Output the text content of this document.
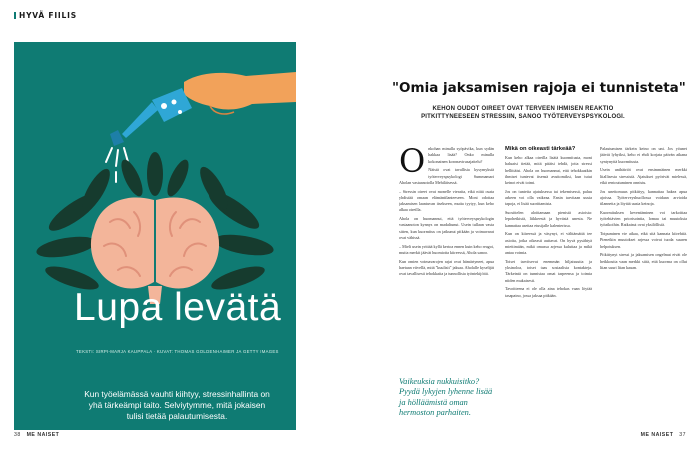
HYVÄ FIILIS
Lupa levätä
TEKSTI: SIRPI-MARJA KAUPPALA · KUVAT: THOMAS GOLDENHAIMER JA GETTY IMAGES
Kun työelämässä vauhti kiihtyy, stressinhallinta on yhä tärkeämpi taito. Selviytymme, mitä jokaisen tulisi tietää palautumisesta.
38 ME NAISET
"Omia jaksamisen rajoja ei tunnisteta"
KEHON OUDOT OIREET OVAT TERVEEN IHMISEN REAKTIO PITKITTYNEESEEN STRESSIIN, SANOO TYÖTERVEYSPSYKOLOGI.
O nkohan minulla syöpävika, kun sydän hakkaa lisää? Onko minulla kokonainen koronavirusajattelu?

Näistä ovat tavallisia kysymyksiä työterveyspsykologi Summamari Aholan vastaanotolla Mehiläisessä.

– Stressin oireet ovat monelle vieraita, eikä niitä osata yhdistää omaan elämäntilanteeseen. Moni odottaa jaksamisen laantuvan itsekseen, mutta tyytyy, kun keho alkaa oireilla.

Ahola on huomannut, että työterveyspsykologin vastaanoton kynnys on madaltunut. Usein tullaan vasta sitten, kun kuormitus on jatkunut pitkään ja voimavarat ovat vähissä.

– Mieli usein yrittää kyllä kertoa ennen kuin keho reagoi, mutta merkit jäävät huomiotta kiireessä, Ahola sanoo.

Kun omien voimavarojen rajat ovat hämärtyneet, apua haetaan viivellä, mitä "kuulisit" jaksaa. Aholalle kyselijät ovat tavallisesti tehokkaita ja tunnollisia työntekijöitä.

Vaikeuksia nukkuisitko? Pyydä lykyjen lyhenne lisää ja hölläämistä oman hermoston parhaiten.
Mikä on oikeasti tärkeää?

Kun keho alkaa oireilla lisätä kuormitusta, moni haluaisi tietää, mitä pitäisi tehdä, jotta stressi hellittäisi. Ahola on huomannut, että tehokkaatkin ihmiset tuntevat itsensä avuttomiksi, kun tutut keinot eivät toimi.

Jos on tunteita ajatuksessa tai tekemisessä, paluu arkeen voi olla vaikeaa. Ensin tarvitaan uusia tapoja, ei lisää suorittamista.

Suosittelen aloittamaan pienistä asioista: lepohetkistä, liikkeestä ja hyvästä unesta. Ne kannattaa asettaa etusijalle kalenterissa.

Kun on kiireessä ja väsynyt, ei välttämättä tee asioita, jotka oikeasti auttavat. On hyvä pysähtyä miettimään, mikä omassa arjessa kuluttaa ja mikä antaa voimia.

Toiset tarvitsevat enemmän hiljaisuutta ja yksinoloa, toiset taas sosiaalisia kontakteja. Tärkeintä on tunnistaa omat tarpeensa ja toimia niiden mukaisesti.

Tavoitteena ei ole olla aina tehokas vaan löytää tasapaino, jossa jaksaa pitkään.

Palautumisen tärkein keino on uni. Jos yöunet jäävät lyhyiksi, keho ei ehdi korjata päivän aikana syntynyttä kuormitusta.

Usein unihäiriöt ovat ensimmäinen merkki liiallisesta stressistä. Ajatukset pyörivät mielessä, eikä rentoutuminen onnistu.

Jos unettomuus pitkittyy, kannattaa hakea apua ajoissa. Työterveyshuollossa voidaan arvioida tilannetta ja löytää uusia keinoja.

Kuormituksen keventäminen voi tarkoittaa työtehtävien priorisointia, lomaa tai muutoksia työaikoihin. Ratkaisut ovat yksilöllisiä.

Toipuminen vie aikaa, eikä sitä kannata kiirehtiä. Pienetkin muutokset arjessa voivat tuoda suuren helpotuksen.

Pitkittynyt stressi ja jaksamisen ongelmat eivät ole heikkoutta vaan merkki siitä, että kuorma on ollut liian suuri liian kauan.

ME NAISET 37
